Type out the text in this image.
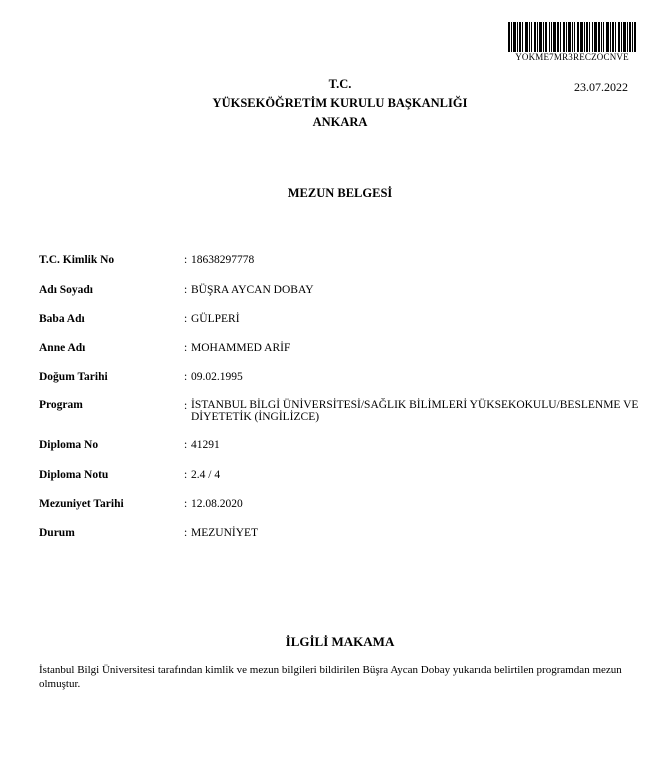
YOKME7MR3RECZOCNVE
23.07.2022
T.C.
YÜKSEKÖĞRETİM KURULU BAŞKANLIĞI
ANKARA
MEZUN BELGESİ
T.C. Kimlik No	: 18638297778
Adı Soyadı	: BÜŞRA AYCAN DOBAY
Baba Adı	: GÜLPERİ
Anne Adı	: MOHAMMED ARİF
Doğum Tarihi	: 09.02.1995
Program	: İSTANBUL BİLGİ ÜNİVERSİTESİ/SAĞLIK BİLİMLERİ YÜKSEKOKULU/BESLENME VE DİYETETİK (İNGİLİZCE)
Diploma No	: 41291
Diploma Notu	: 2.4 / 4
Mezuniyet Tarihi	: 12.08.2020
Durum	: MEZUNİYET
İLGİLİ MAKAMA
İstanbul Bilgi Üniversitesi tarafından kimlik ve mezun bilgileri bildirilen Büşra Aycan Dobay yukarıda belirtilen programdan mezun olmuştur.
